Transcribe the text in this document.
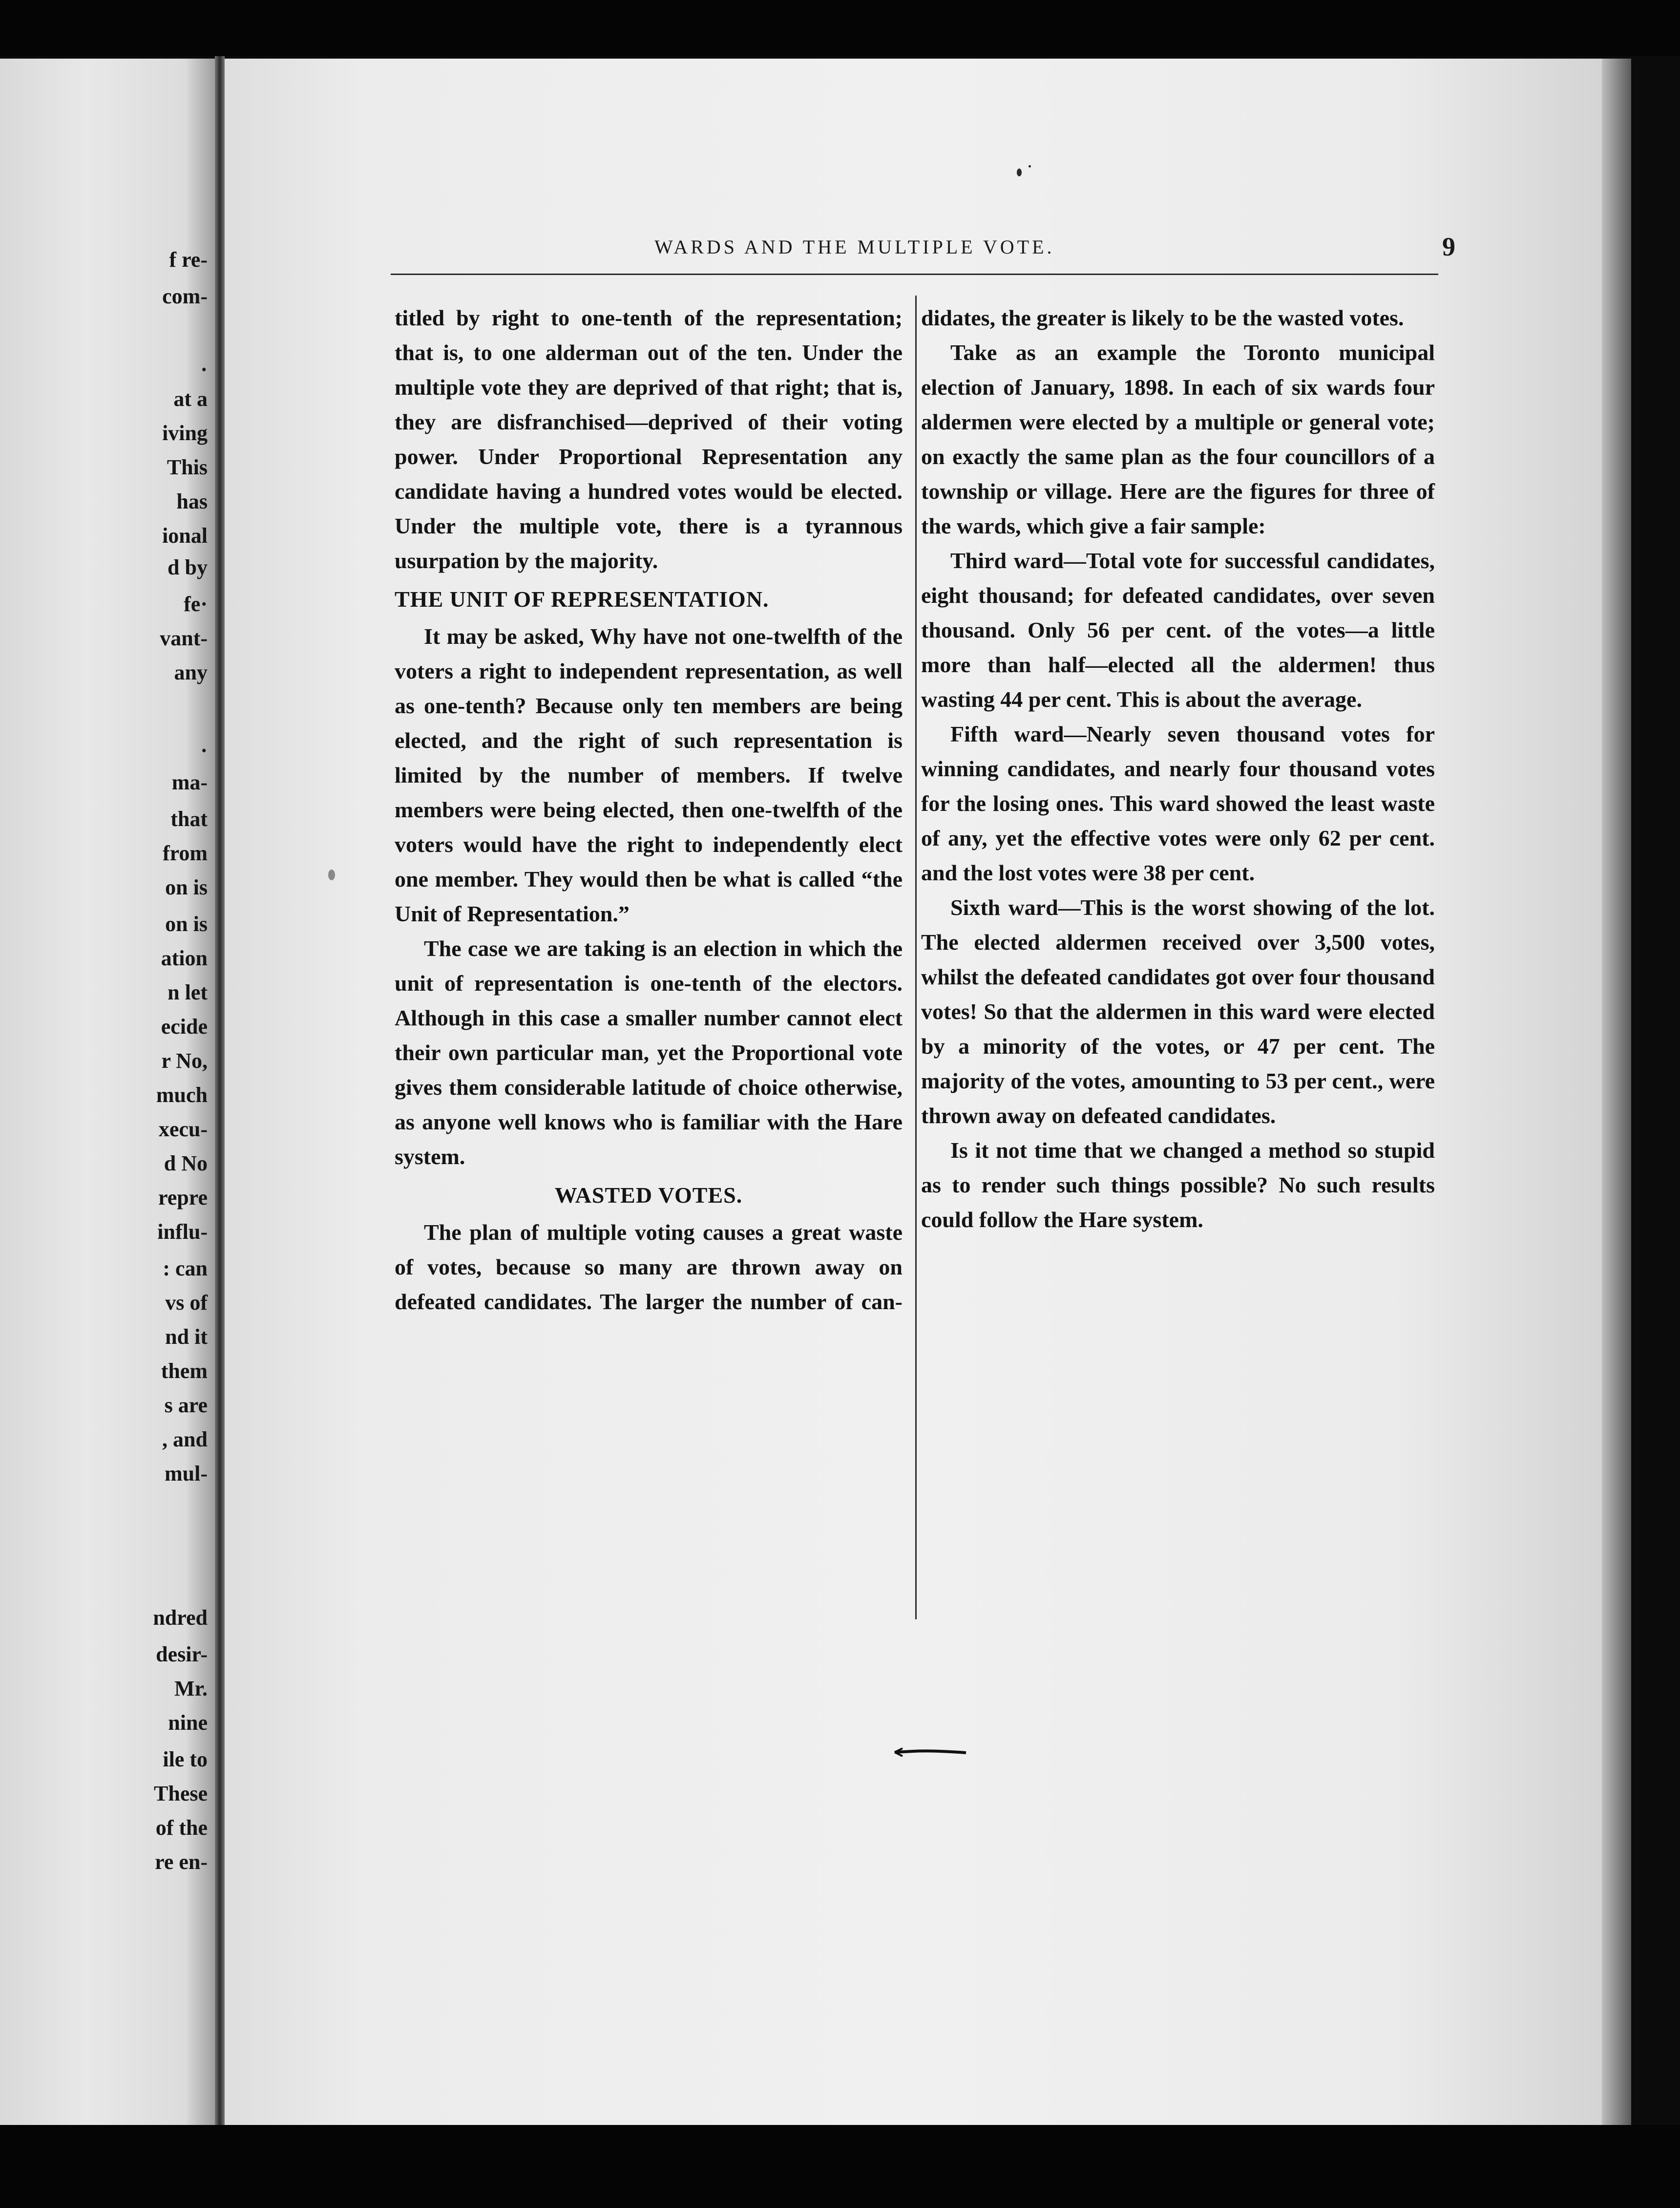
f re-

com-

·

at a

iving

This

has

ional

d by

fe·

vant-

any

·

ma-

that

from

on is

on is

ation

n let

ecide

r No,

much

xecu-

d No

repre

influ-

: can

vs of

nd it

them

s are

, and

mul-

ndred

desir-

Mr.

nine

ile to

These

of the

re en-

WARDS AND THE MULTIPLE VOTE.	9

titled by right to one-tenth of the representation; that is, to one alderman out of the ten. Under the multiple vote they are deprived of that right; that is, they are disfranchised—deprived of their voting power. Under Proportional Representation any candidate having a hundred votes would be elected. Under the multiple vote, there is a tyrannous usurpation by the majority.

THE UNIT OF REPRESENTATION.

It may be asked, Why have not one-twelfth of the voters a right to independent representation, as well as one-tenth? Because only ten members are being elected, and the right of such representation is limited by the number of members. If twelve members were being elected, then one-twelfth of the voters would have the right to independently elect one member. They would then be what is called “the Unit of Representation.”

The case we are taking is an election in which the unit of representation is one-tenth of the electors. Although in this case a smaller number cannot elect their own particular man, yet the Proportional vote gives them considerable latitude of choice otherwise, as anyone well knows who is familiar with the Hare system.

WASTED VOTES.

The plan of multiple voting causes a great waste of votes, because so many are thrown away on defeated candidates. The larger the number of can-

didates, the greater is likely to be the wasted votes.

Take as an example the Toronto municipal election of January, 1898. In each of six wards four aldermen were elected by a multiple or general vote; on exactly the same plan as the four councillors of a township or village. Here are the figures for three of the wards, which give a fair sample:

Third ward—Total vote for successful candidates, eight thousand; for defeated candidates, over seven thousand. Only 56 per cent. of the votes—a little more than half—elected all the aldermen! thus wasting 44 per cent. This is about the average.

Fifth ward—Nearly seven thousand votes for winning candidates, and nearly four thousand votes for the losing ones. This ward showed the least waste of any, yet the effective votes were only 62 per cent. and the lost votes were 38 per cent.

Sixth ward—This is the worst showing of the lot. The elected aldermen received over 3,500 votes, whilst the defeated candidates got over four thousand votes! So that the aldermen in this ward were elected by a minority of the votes, or 47 per cent. The majority of the votes, amounting to 53 per cent., were thrown away on defeated candidates.

Is it not time that we changed a method so stupid as to render such things possible? No such results could follow the Hare system.
